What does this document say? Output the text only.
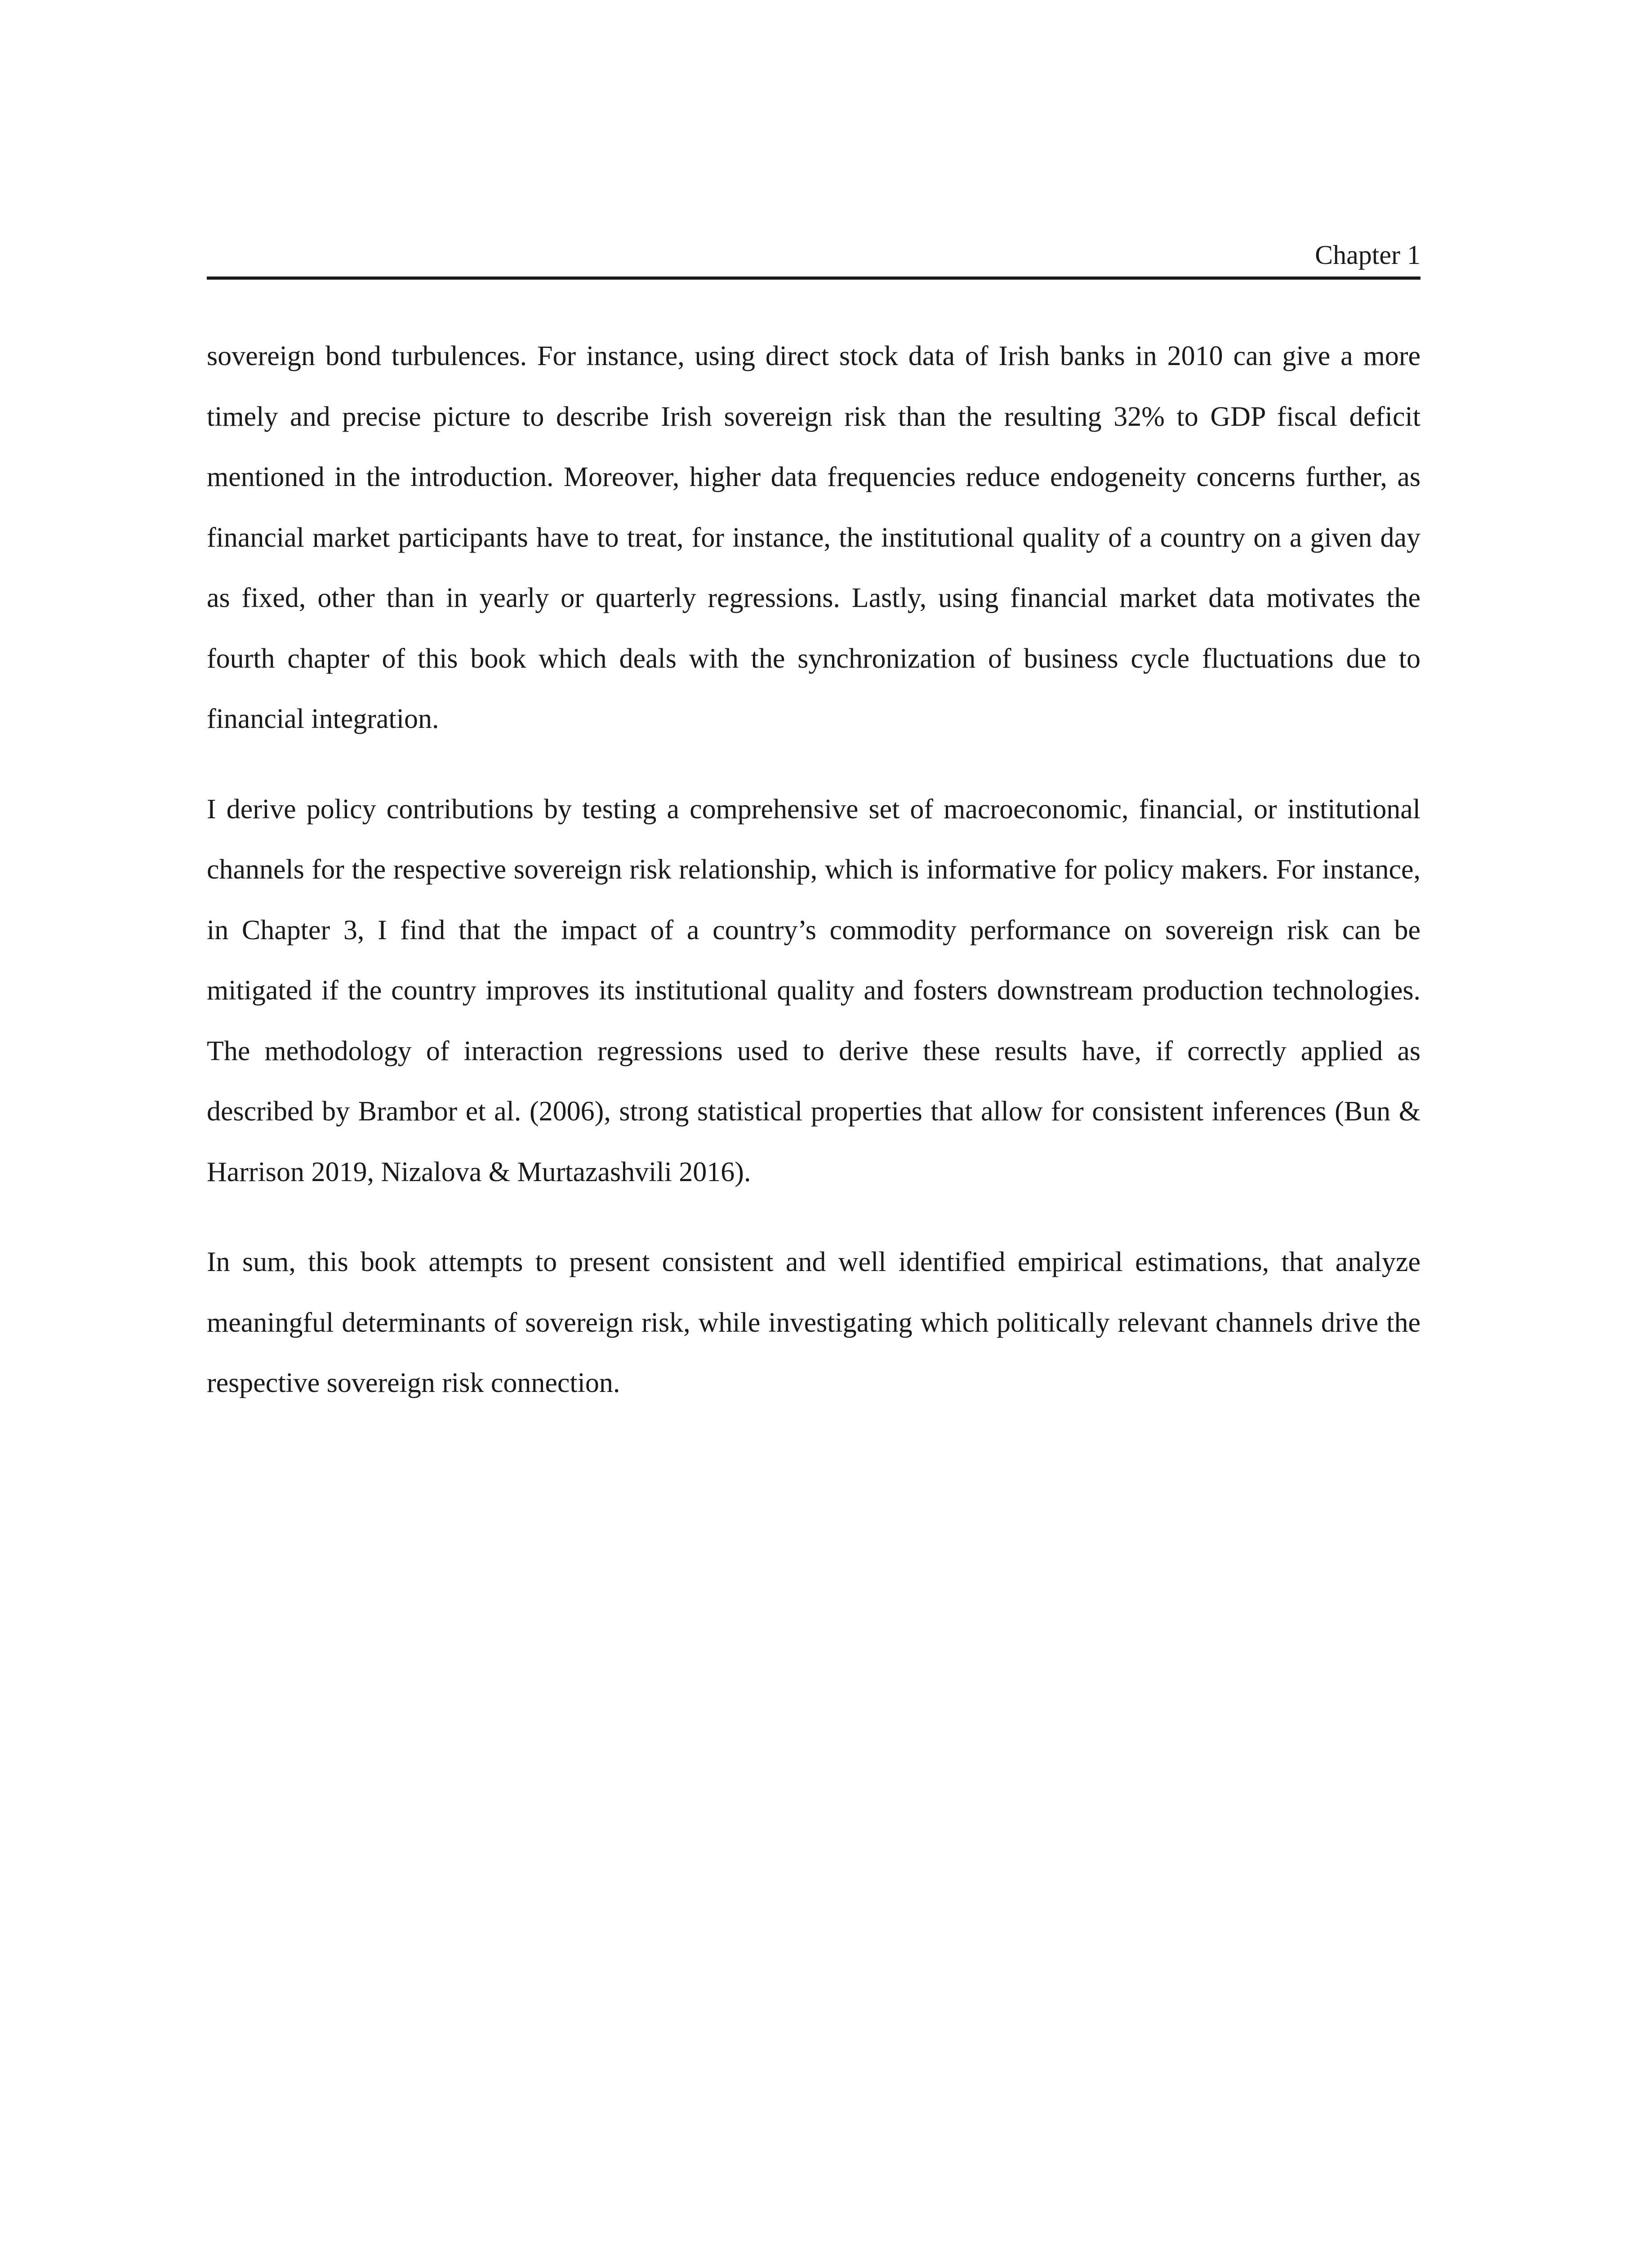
Chapter 1

sovereign bond turbulences. For instance, using direct stock data of Irish banks in 2010 can give a more timely and precise picture to describe Irish sovereign risk than the resulting 32% to GDP fiscal deficit mentioned in the introduction. Moreover, higher data frequencies reduce endogeneity concerns further, as financial market participants have to treat, for instance, the institutional quality of a country on a given day as fixed, other than in yearly or quarterly regressions. Lastly, using financial market data motivates the fourth chapter of this book which deals with the synchronization of business cycle fluctuations due to financial integration.

I derive policy contributions by testing a comprehensive set of macroeconomic, financial, or institutional channels for the respective sovereign risk relationship, which is informative for policy makers. For instance, in Chapter 3, I find that the impact of a country’s commodity performance on sovereign risk can be mitigated if the country improves its institutional quality and fosters downstream production technologies. The methodology of interaction regressions used to derive these results have, if correctly applied as described by Brambor et al. (2006), strong statistical properties that allow for consistent inferences (Bun & Harrison 2019, Nizalova & Murtazashvili 2016).

In sum, this book attempts to present consistent and well identified empirical estimations, that analyze meaningful determinants of sovereign risk, while investigating which politically relevant channels drive the respective sovereign risk connection.
